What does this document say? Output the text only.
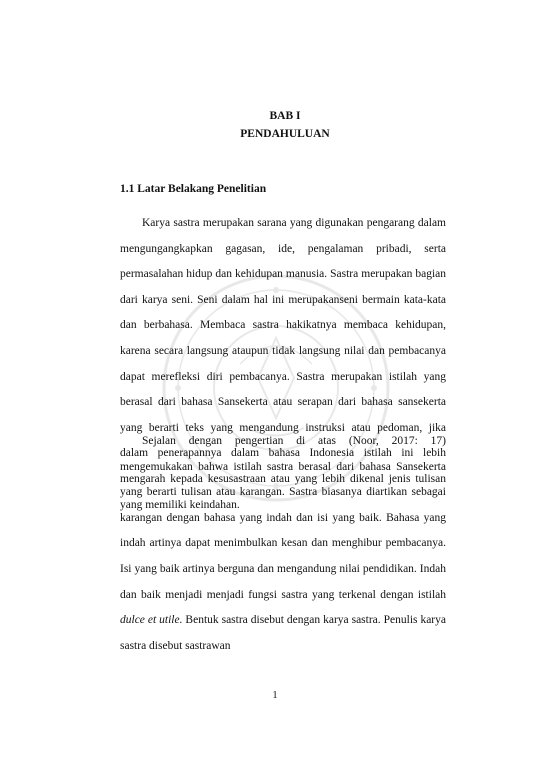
BAB I
PENDAHULUAN
1.1 Latar Belakang Penelitian

Karya sastra merupakan sarana yang digunakan pengarang dalam mengungangkapkan gagasan, ide, pengalaman pribadi, serta permasalahan hidup dan kehidupan manusia. Sastra merupakan bagian dari karya seni. Seni dalam hal ini merupakanseni bermain kata-kata dan berbahasa. Membaca sastra hakikatnya membaca kehidupan, karena secara langsung ataupun tidak langsung nilai dan pembacanya dapat merefleksi diri pembacanya. Sastra merupakan istilah yang berasal dari bahasa Sansekerta atau serapan dari bahasa sansekerta yang berarti teks yang mengandung instruksi atau pedoman, jika dalam penerapannya dalam bahasa Indonesia istilah ini lebih mengarah kepada kesusastraan atau yang lebih dikenal jenis tulisan yang memiliki keindahan.

Sejalan dengan pengertian di atas (Noor, 2017: 17) mengemukakan bahwa istilah sastra berasal dari bahasa Sansekerta yang berarti tulisan atau karangan. Sastra biasanya diartikan sebagai karangan dengan bahasa yang indah dan isi yang baik. Bahasa yang indah artinya dapat menimbulkan kesan dan menghibur pembacanya. Isi yang baik artinya berguna dan mengandung nilai pendidikan. Indah dan baik menjadi menjadi fungsi sastra yang terkenal dengan istilah dulce et utile. Bentuk sastra disebut dengan karya sastra. Penulis karya sastra disebut sastrawan

1
